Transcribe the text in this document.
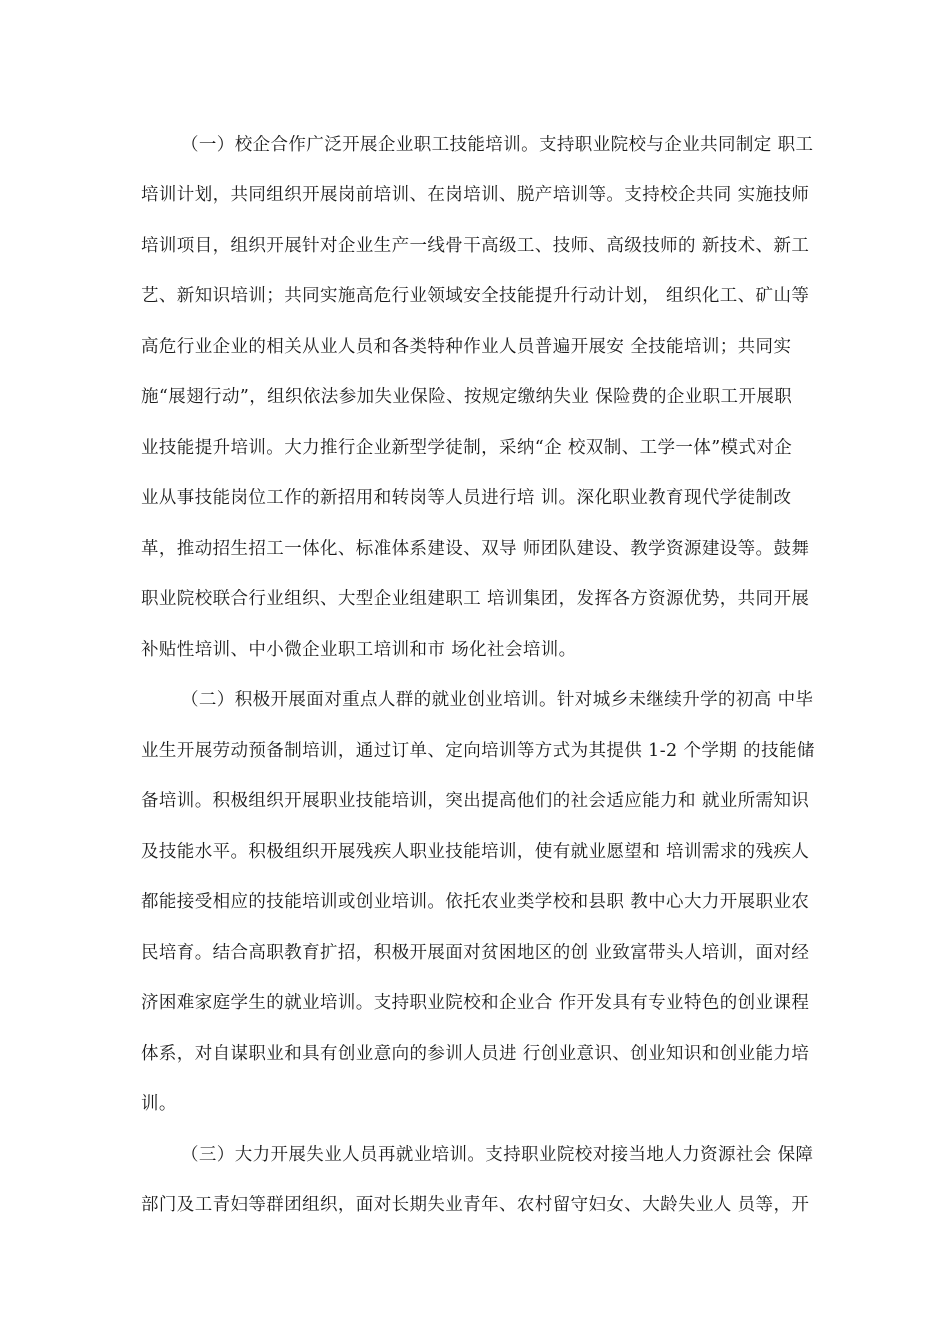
（一）校企合作广泛开展企业职工技能培训。支持职业院校与企业共同制定 职工
培训计划，共同组织开展岗前培训、在岗培训、脱产培训等。支持校企共同 实施技师
培训项目，组织开展针对企业生产一线骨干高级工、技师、高级技师的 新技术、新工
艺、新知识培训；共同实施高危行业领域安全技能提升行动计划， 组织化工、矿山等
高危行业企业的相关从业人员和各类特种作业人员普遍开展安 全技能培训；共同实
施“展翅行动”，组织依法参加失业保险、按规定缴纳失业 保险费的企业职工开展职
业技能提升培训。大力推行企业新型学徒制，采纳“企 校双制、工学一体”模式对企
业从事技能岗位工作的新招用和转岗等人员进行培 训。深化职业教育现代学徒制改
革，推动招生招工一体化、标准体系建设、双导 师团队建设、教学资源建设等。鼓舞
职业院校联合行业组织、大型企业组建职工 培训集团，发挥各方资源优势，共同开展
补贴性培训、中小微企业职工培训和市 场化社会培训。
（二）积极开展面对重点人群的就业创业培训。针对城乡未继续升学的初高 中毕
业生开展劳动预备制培训，通过订单、定向培训等方式为其提供 1-2 个学期 的技能储
备培训。积极组织开展职业技能培训，突出提高他们的社会适应能力和 就业所需知识
及技能水平。积极组织开展残疾人职业技能培训，使有就业愿望和 培训需求的残疾人
都能接受相应的技能培训或创业培训。依托农业类学校和县职 教中心大力开展职业农
民培育。结合高职教育扩招，积极开展面对贫困地区的创 业致富带头人培训，面对经
济困难家庭学生的就业培训。支持职业院校和企业合 作开发具有专业特色的创业课程
体系，对自谋职业和具有创业意向的参训人员进 行创业意识、创业知识和创业能力培
训。
（三）大力开展失业人员再就业培训。支持职业院校对接当地人力资源社会 保障
部门及工青妇等群团组织，面对长期失业青年、农村留守妇女、大龄失业人 员等，开
